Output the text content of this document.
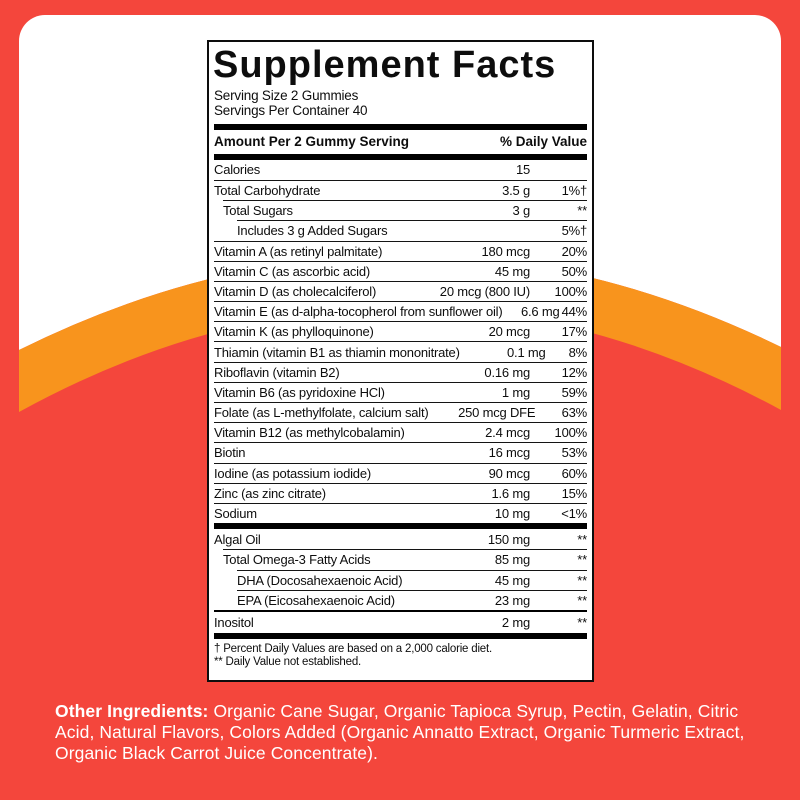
Supplement Facts
Serving Size 2 Gummies
Servings Per Container 40
Amount Per 2 Gummy Serving	% Daily Value
Calories	15
Total Carbohydrate	3.5 g	1%†
Total Sugars	3 g	**
Includes 3 g Added Sugars	5%†
Vitamin A (as retinyl palmitate)	180 mcg	20%
Vitamin C (as ascorbic acid)	45 mg	50%
Vitamin D (as cholecalciferol)	20 mcg (800 IU)	100%
Vitamin E (as d-alpha-tocopherol from sunflower oil)	6.6 mg 44%
Vitamin K (as phylloquinone)	20 mcg	17%
Thiamin (vitamin B1 as thiamin mononitrate)	0.1 mg	8%
Riboflavin (vitamin B2)	0.16 mg	12%
Vitamin B6 (as pyridoxine HCl)	1 mg	59%
Folate (as L-methylfolate, calcium salt)	250 mcg DFE	63%
Vitamin B12 (as methylcobalamin)	2.4 mcg	100%
Biotin	16 mcg	53%
Iodine (as potassium iodide)	90 mcg	60%
Zinc (as zinc citrate)	1.6 mg	15%
Sodium	10 mg	<1%
Algal Oil	150 mg	**
Total Omega-3 Fatty Acids	85 mg	**
DHA (Docosahexaenoic Acid)	45 mg	**
EPA (Eicosahexaenoic Acid)	23 mg	**
Inositol	2 mg	**
† Percent Daily Values are based on a 2,000 calorie diet.
** Daily Value not established.
Other Ingredients: Organic Cane Sugar, Organic Tapioca Syrup, Pectin, Gelatin, Citric Acid, Natural Flavors, Colors Added (Organic Annatto Extract, Organic Turmeric Extract, Organic Black Carrot Juice Concentrate).
